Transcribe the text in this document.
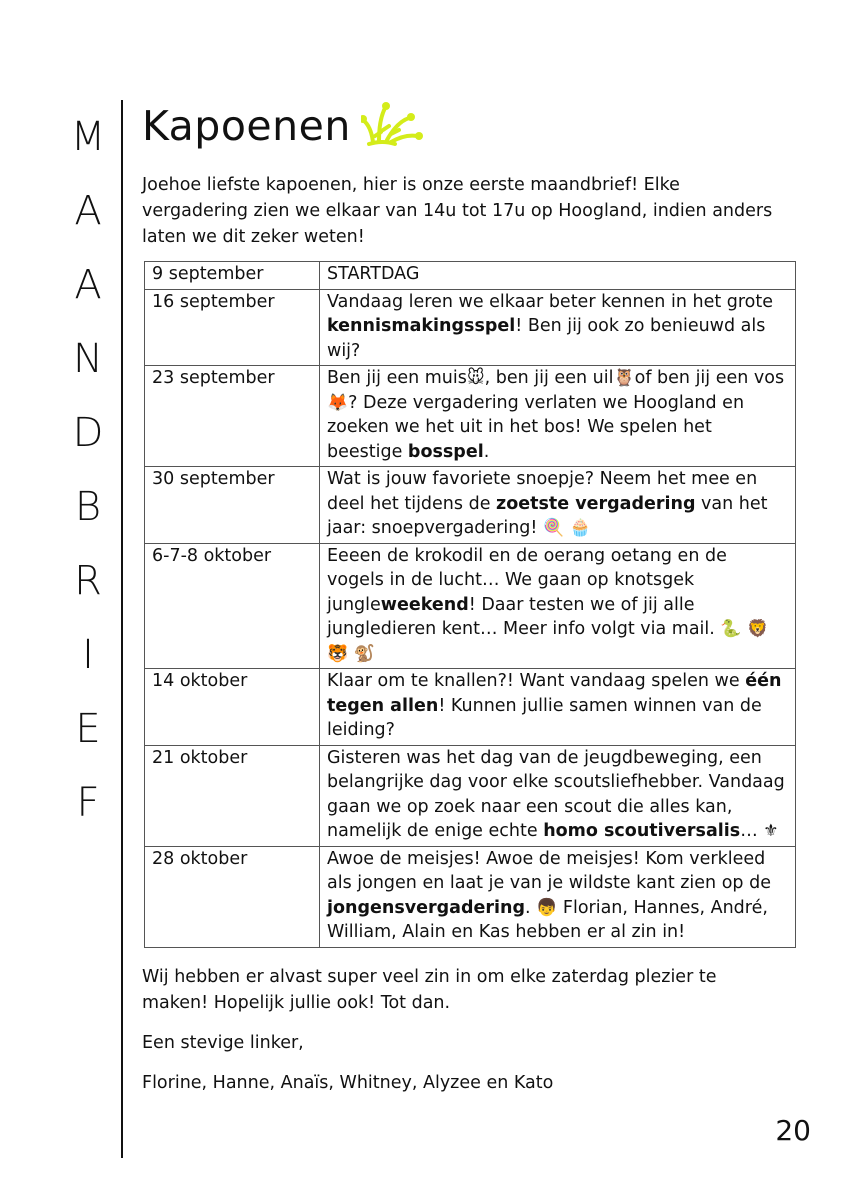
M
A
A
N
D
B
R
I
E
F
Kapoenen
Joehoe liefste kapoenen, hier is onze eerste maandbrief! Elke vergadering zien we elkaar van 14u tot 17u op Hoogland, indien anders laten we dit zeker weten!
9 september	STARTDAG
16 september	Vandaag leren we elkaar beter kennen in het grote kennismakingsspel! Ben jij ook zo benieuwd als wij?
23 september	Ben jij een muis🐭, ben jij een uil🦉of ben jij een vos🦊? Deze vergadering verlaten we Hoogland en zoeken we het uit in het bos! We spelen het beestige bosspel.
30 september	Wat is jouw favoriete snoepje? Neem het mee en deel het tijdens de zoetste vergadering van het jaar: snoepvergadering! 🍭 🧁
6-7-8 oktober	Eeeen de krokodil en de oerang oetang en de vogels in de lucht… We gaan op knotsgek jungleweekend! Daar testen we of jij alle jungledieren kent… Meer info volgt via mail. 🐍 🦁 🐯 🐒
14 oktober	Klaar om te knallen?! Want vandaag spelen we één tegen allen! Kunnen jullie samen winnen van de leiding?
21 oktober	Gisteren was het dag van de jeugdbeweging, een belangrijke dag voor elke scoutsliefhebber. Vandaag gaan we op zoek naar een scout die alles kan, namelijk de enige echte homo scoutiversalis… ⚜
28 oktober	Awoe de meisjes! Awoe de meisjes! Kom verkleed als jongen en laat je van je wildste kant zien op de jongensvergadering. 👦 Florian, Hannes, André, William, Alain en Kas hebben er al zin in!

Wij hebben er alvast super veel zin in om elke zaterdag plezier te maken! Hopelijk jullie ook! Tot dan.

Een stevige linker,

Florine, Hanne, Anaïs, Whitney, Alyzee en Kato

20
